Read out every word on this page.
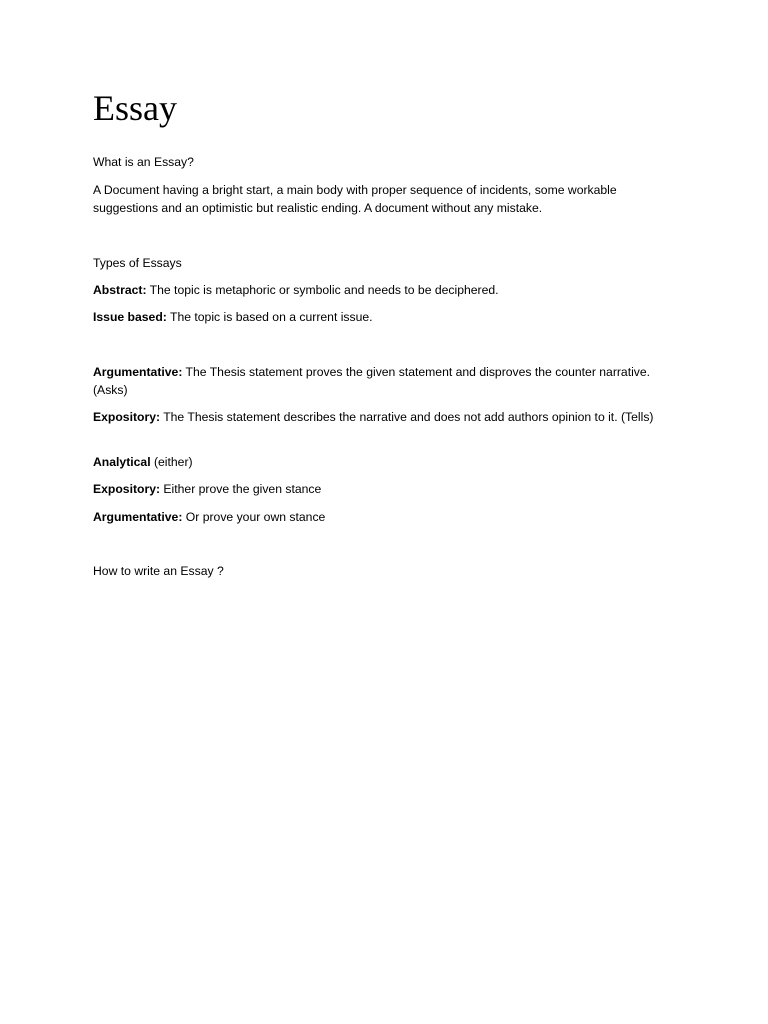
Essay

What is an Essay?

A Document having a bright start, a main body with proper sequence of incidents, some workable suggestions and an optimistic but realistic ending. A document without any mistake.

Types of Essays

Abstract: The topic is metaphoric or symbolic and needs to be deciphered.

Issue based: The topic is based on a current issue.

Argumentative: The Thesis statement proves the given statement and disproves the counter narrative. (Asks)

Expository: The Thesis statement describes the narrative and does not add authors opinion to it. (Tells)

Analytical (either)

Expository: Either prove the given stance

Argumentative: Or prove your own stance

How to write an Essay ?
